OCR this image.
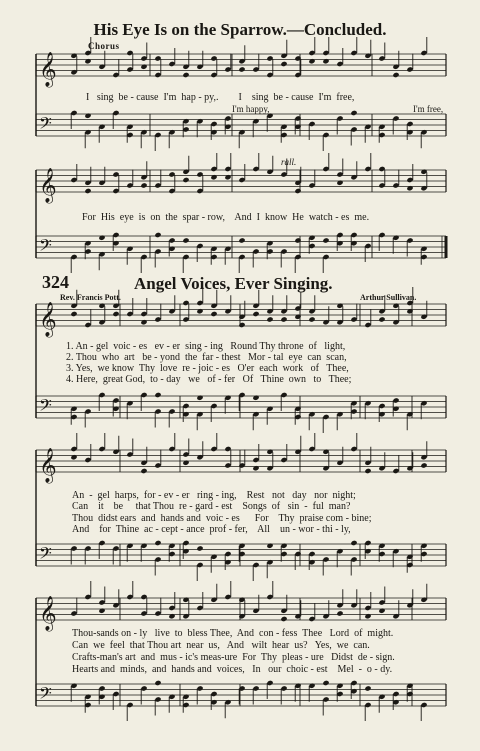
𝄞
𝄢
𝄞
𝄢
𝄞
𝄢
𝄞
𝄢
𝄞
𝄢
His Eye Is on the Sparrow.—Concluded.
Chorus
I   sing  be - cause  I'm  hap - py,.        I    sing  be - cause  I'm  free,
I'm happy,	I'm free,
rall.
For  His  eye  is  on  the  spar - row,    And  I  know  He  watch - es  me.
324	Angel Voices, Ever Singing.
Rev. Francis Pott.	Arthur Sullivan.
1. An - gel  voic - es   ev - er  sing - ing   Round Thy throne  of   light,
2. Thou  who  art   be - yond  the  far - thest   Mor - tal  eye  can  scan,
3. Yes,  we know  Thy  love  re - joic - es   O'er  each  work   of   Thee,
4. Here,  great God,  to - day   we   of - fer   Of   Thine  own   to   Thee;
An  -  gel  harps,  for - ev - er   ring - ing,    Rest   not   day   nor  night;
Can    it    be     that Thou  re - gard - est    Songs  of   sin  -  ful  man?
Thou  didst ears  and  hands and  voic - es      For    Thy  praise com - bine;
And    for  Thine  ac - cept - ance  prof - fer,    All    un - wor - thi - ly,
Thou-sands on - ly   live  to  bless Thee,  And  con - fess  Thee   Lord  of  might.
Can  we  feel  that Thou art  near  us,   And   wilt  hear  us?   Yes,  we  can.
Crafts-man's art  and  mus - ic's meas-ure  For  Thy  pleas - ure   Didst  de - sign.
Hearts and  minds,  and  hands and  voices,   In   our  choic - est    Mel  -  o - dy.
